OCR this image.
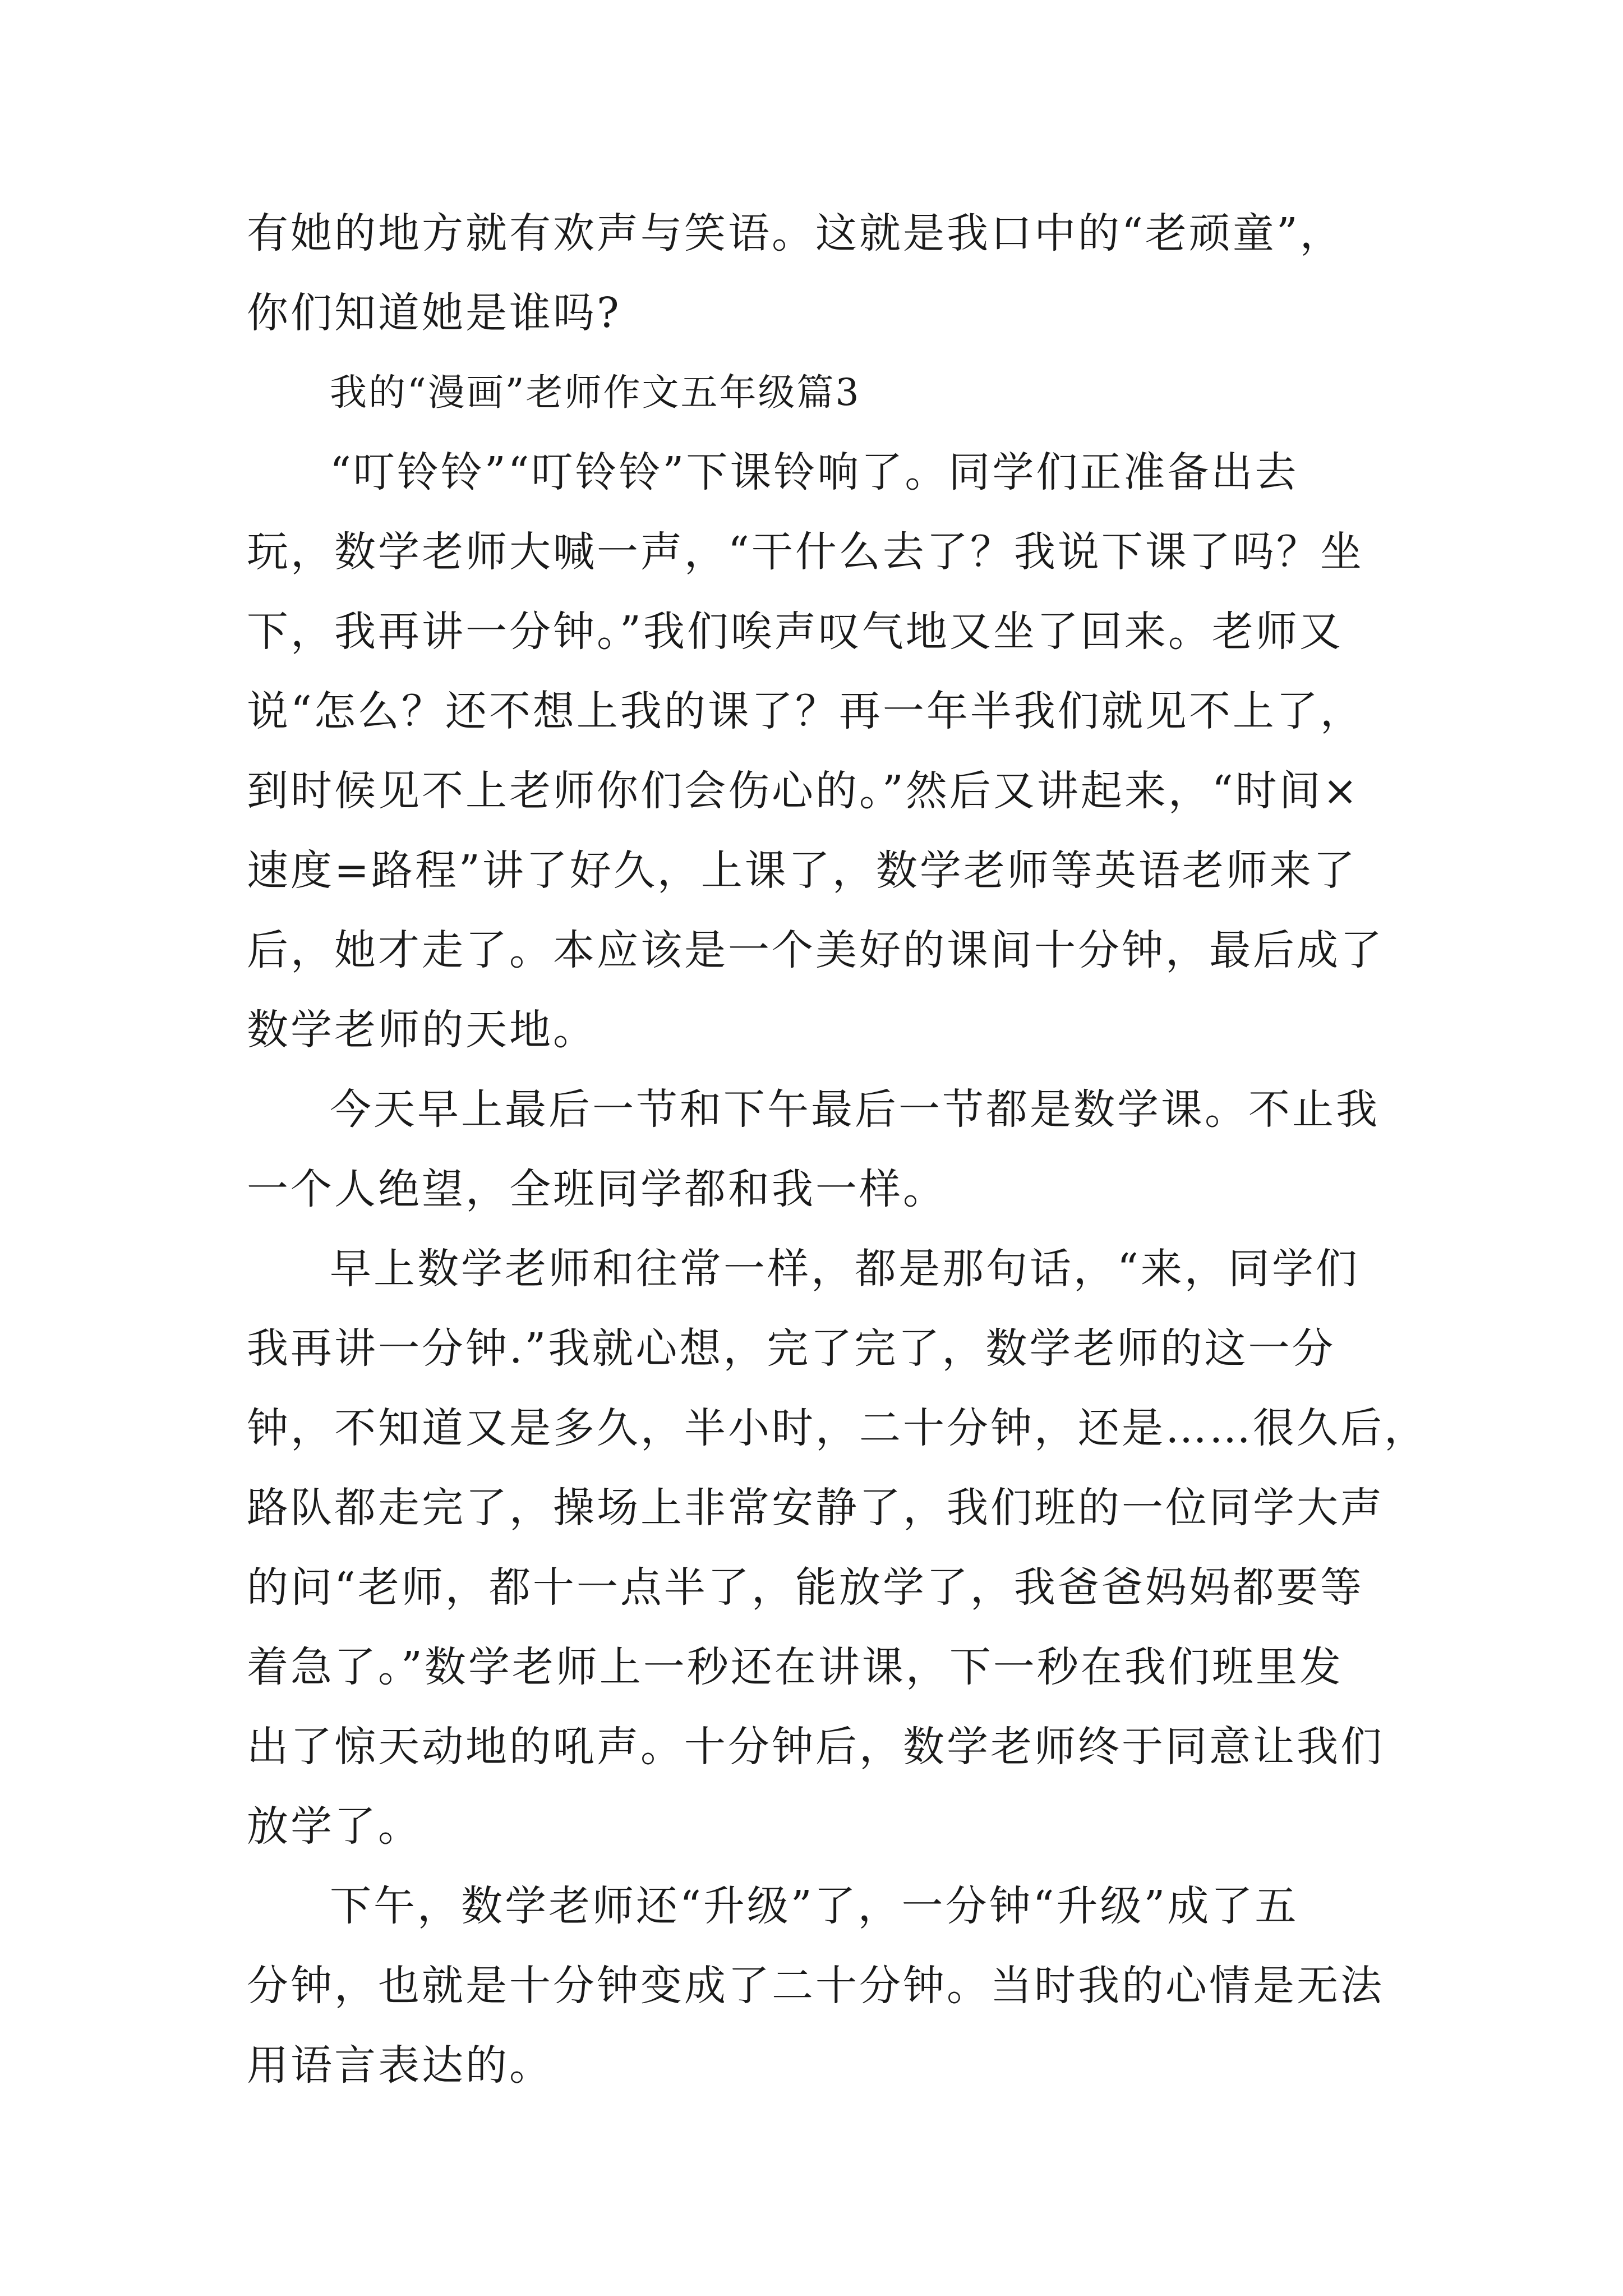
有她的地方就有欢声与笑语。这就是我口中的“老顽童”，
你们知道她是谁吗?
我的“漫画”老师作文五年级篇3
“叮铃铃”“叮铃铃”下课铃响了。同学们正准备出去
玩，数学老师大喊一声，“干什么去了？我说下课了吗？坐
下，我再讲一分钟。”我们唉声叹气地又坐了回来。老师又
说“怎么？还不想上我的课了？再一年半我们就见不上了，
到时候见不上老师你们会伤心的。”然后又讲起来，“时间×
速度=路程”讲了好久，上课了，数学老师等英语老师来了
后，她才走了。本应该是一个美好的课间十分钟，最后成了
数学老师的天地。
今天早上最后一节和下午最后一节都是数学课。不止我
一个人绝望，全班同学都和我一样。
早上数学老师和往常一样，都是那句话，“来，同学们
我再讲一分钟.”我就心想，完了完了，数学老师的这一分
钟，不知道又是多久，半小时，二十分钟，还是……很久后，
路队都走完了，操场上非常安静了，我们班的一位同学大声
的问“老师，都十一点半了，能放学了，我爸爸妈妈都要等
着急了。”数学老师上一秒还在讲课，下一秒在我们班里发
出了惊天动地的吼声。十分钟后，数学老师终于同意让我们
放学了。
下午，数学老师还“升级”了，一分钟“升级”成了五
分钟，也就是十分钟变成了二十分钟。当时我的心情是无法
用语言表达的。
